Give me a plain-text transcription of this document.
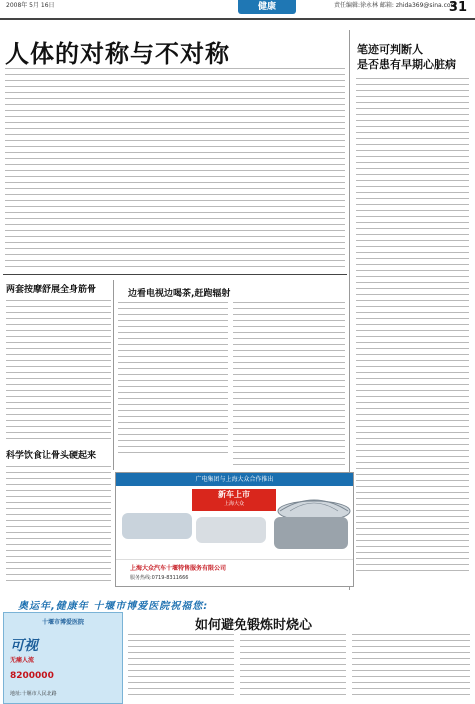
2008年 5月 16日	健康	责任编辑:徐永林 邮箱: zhida369@sina.com
31
人体的对称与不对称	笔迹可判断人
是否患有早期心脏病
两套按摩舒展全身筋骨
科学饮食让骨头硬起来
边看电视边喝茶,赶跑辐射
广电集团与上海大众合作推出
新车上市
上海大众
上海大众汽车十堰特售服务有限公司
服务热线:0719-8311666
奥运年,健康年 十堰市博爱医院祝福您:
十堰市博爱医院
可视
无痛人流
8200000
地址:十堰市人民北路
如何避免锻炼时烧心
